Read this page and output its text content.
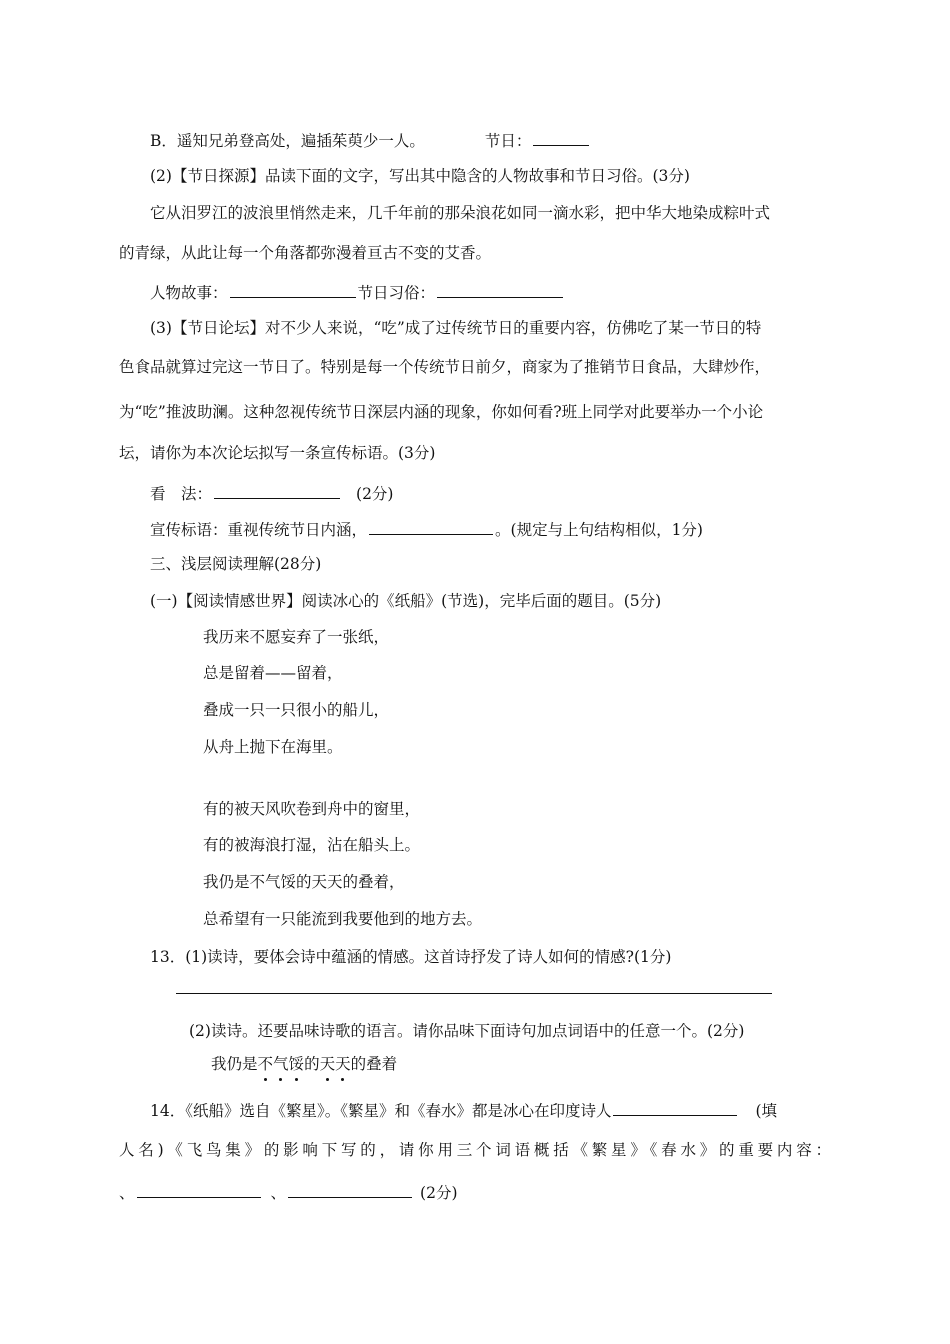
B．遥知兄弟登高处，遍插茱萸少一人。	节日：
(2)【节日探源】品读下面的文字，写出其中隐含的人物故事和节日习俗。(3分)
它从汨罗江的波浪里悄然走来，几千年前的那朵浪花如同一滴水彩，把中华大地染成粽叶式
的青绿，从此让每一个角落都弥漫着亘古不变的艾香。
人物故事：	节日习俗：
(3)【节日论坛】对不少人来说，“吃”成了过传统节日的重要内容，仿佛吃了某一节日的特
色食品就算过完这一节日了。特别是每一个传统节日前夕，商家为了推销节日食品，大肆炒作，
为“吃”推波助澜。这种忽视传统节日深层内涵的现象，你如何看?班上同学对此要举办一个小论
坛，请你为本次论坛拟写一条宣传标语。(3分)
看　法：	(2分)
宣传标语：重视传统节日内涵，	。(规定与上句结构相似，1分)
三、浅层阅读理解(28分)
(一)【阅读情感世界】阅读冰心的《纸船》(节选)，完毕后面的题目。(5分)
我历来不愿妄弃了一张纸，
总是留着——留着，
叠成一只一只很小的船儿，
从舟上抛下在海里。
有的被天风吹卷到舟中的窗里，
有的被海浪打湿，沾在船头上。
我仍是不气馁的天天的叠着，
总希望有一只能流到我要他到的地方去。
13．(1)读诗，要体会诗中蕴涵的情感。这首诗抒发了诗人如何的情感?(1分)
(2)读诗。还要品味诗歌的语言。请你品味下面诗句加点词语中的任意一个。(2分)
我仍是不气馁的天天的叠着
14．《纸船》选自《繁星》。《繁星》和《春水》都是冰心在印度诗人	(填
人名)《飞鸟集》的影响下写的，请你用三个词语概括《繁星》《春水》的重要内容：
、	、	(2分)
